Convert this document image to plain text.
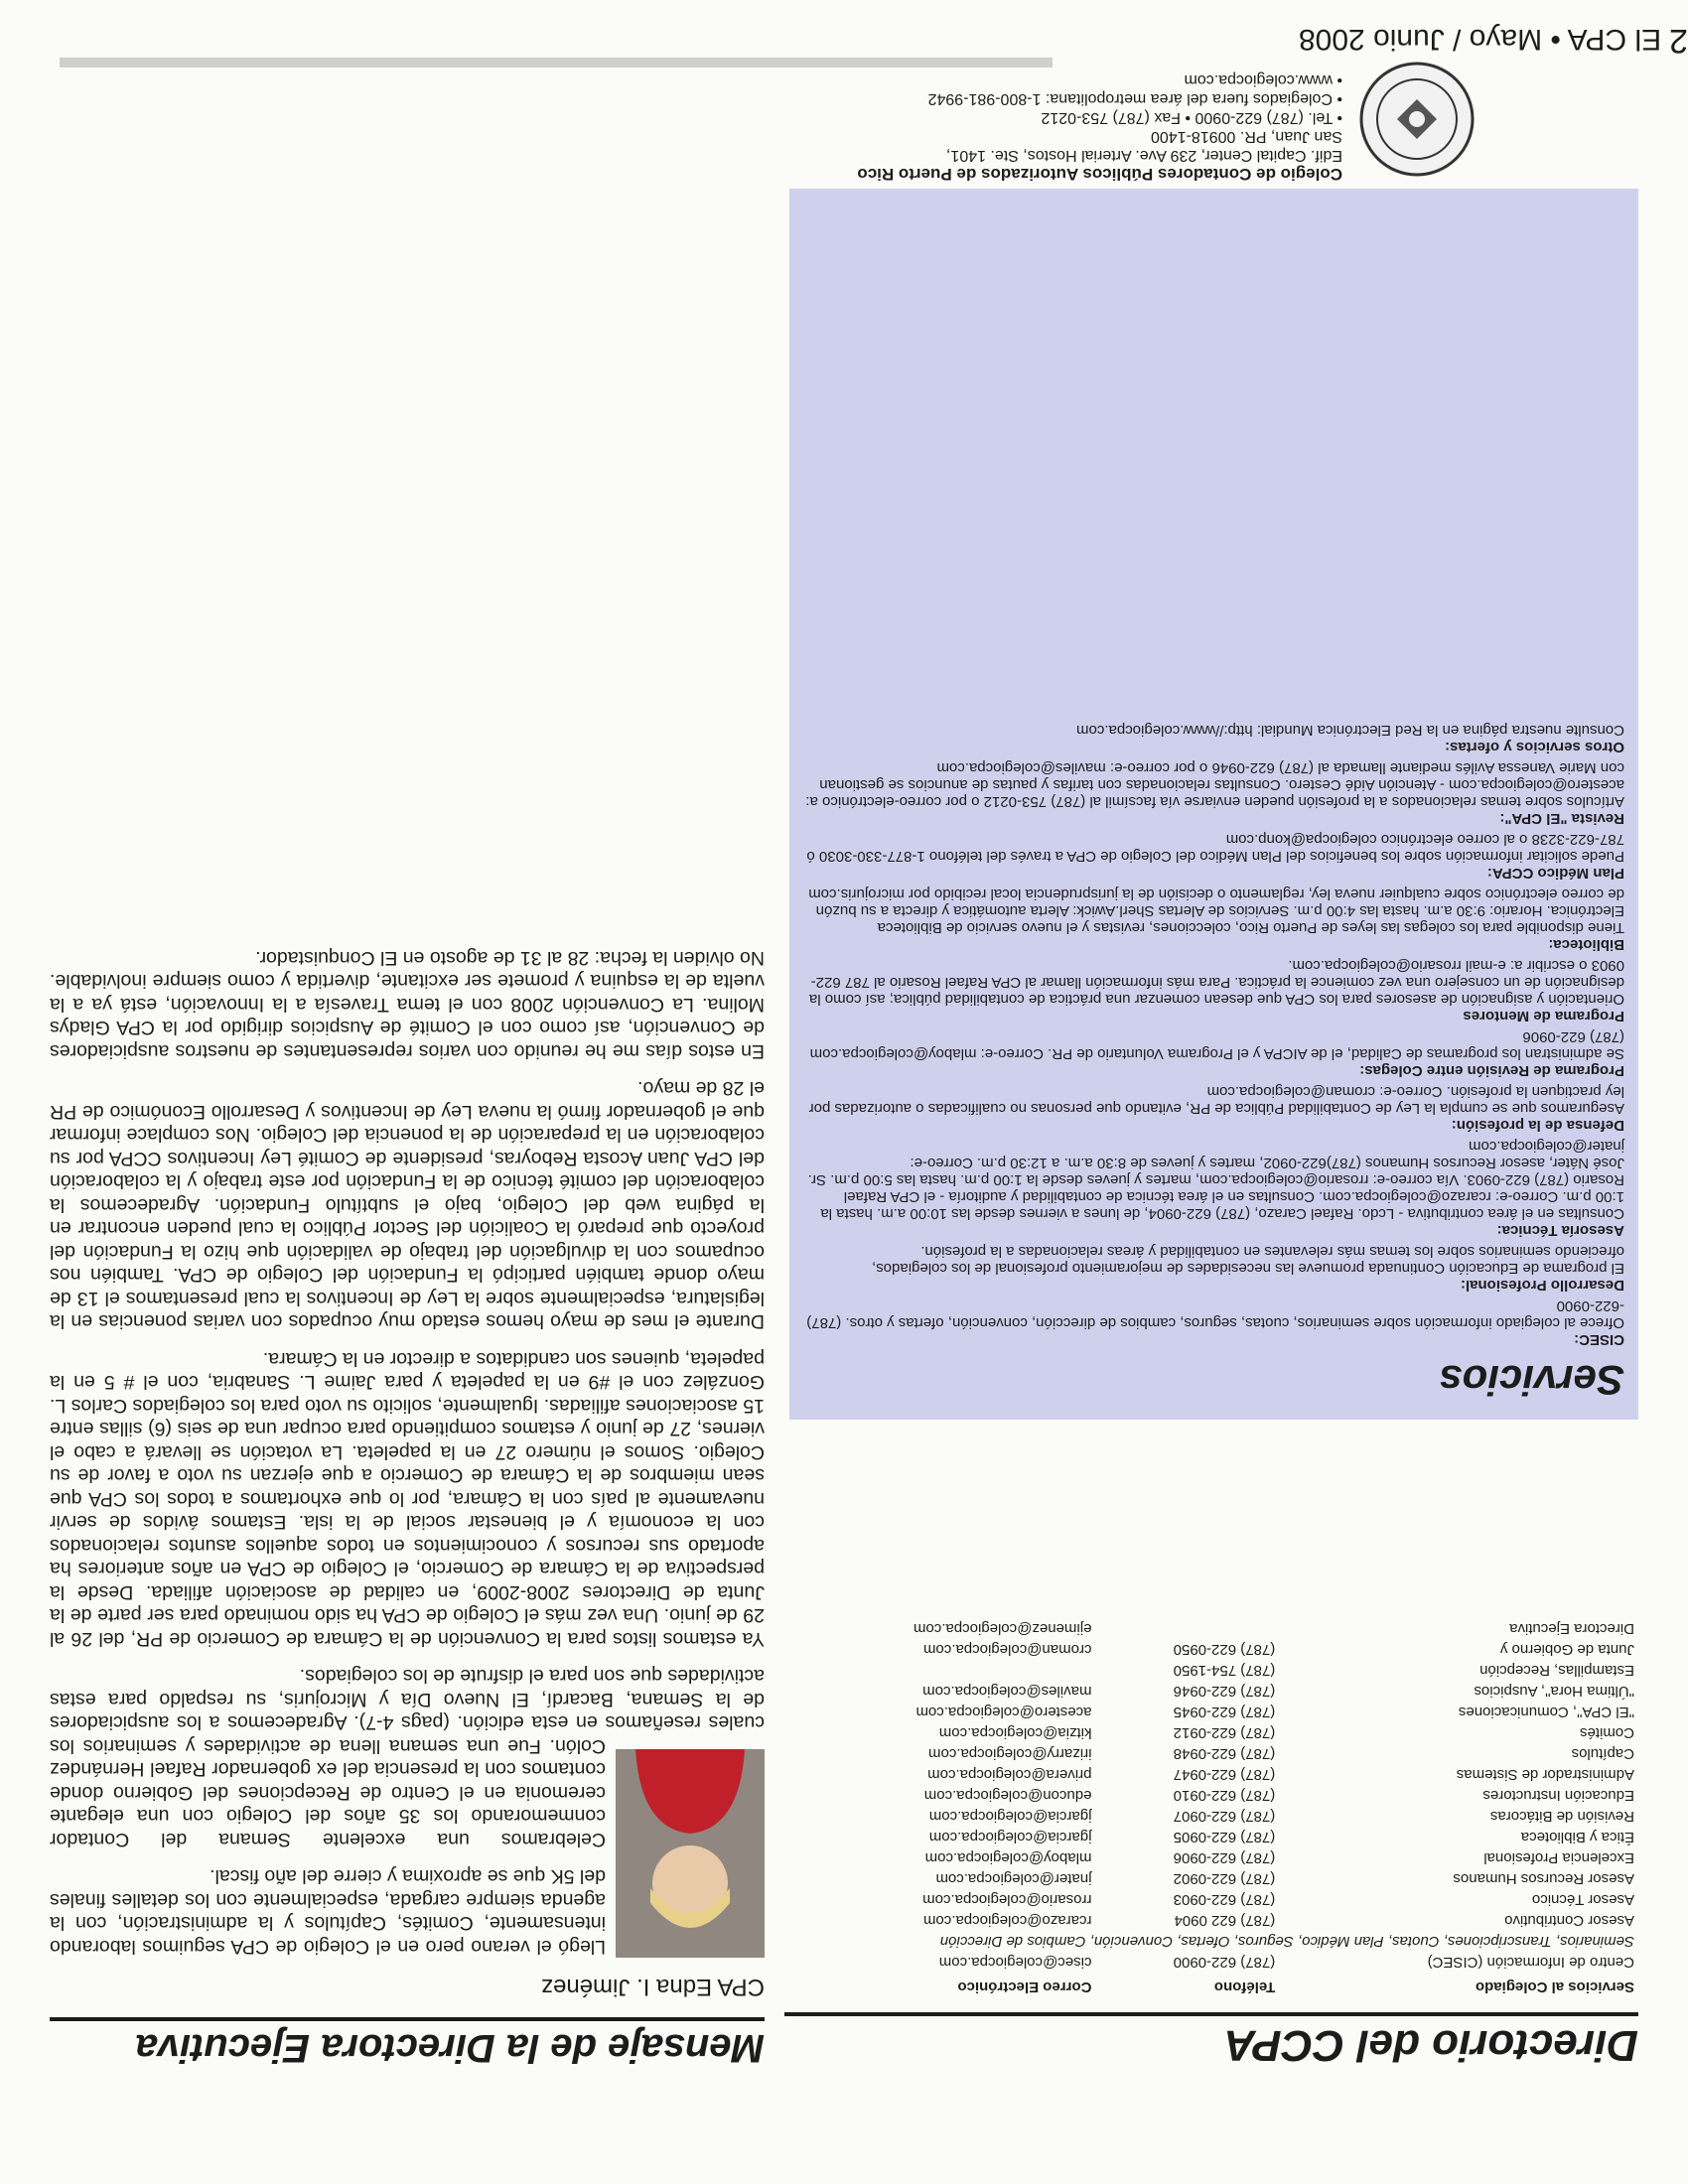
2
El CPA • Mayo / Junio 2008
Colegio de Contadores Públicos Autorizados de Puerto Rico
Edif. Capital Center, 239 Ave. Arterial Hostos, Ste. 1401,
San Juan, PR. 00918-1400
• Tel. (787) 622-0900 • Fax (787) 753-0212
• Colegiados fuera del área metropolitana: 1-800-981-9942
• www.colegiocpa.com
Servicios
CISEC:
Ofrece al colegiado información sobre seminarios, cuotas, seguros, cambios de dirección, convención, ofertas y otros. (787) -622-0900
Desarrollo Profesional:
El programa de Educación Continuada promueve las necesidades de mejoramiento profesional de los colegiados, ofreciendo seminarios sobre los temas más relevantes en contabilidad y áreas relacionadas a la profesión.
Asesoría Técnica:
Consultas en el área contributiva - Lcdo. Rafael Carazo, (787) 622-0904, de lunes a viernes desde las 10:00 a.m. hasta la 1:00 p.m. Correo-e: rcarazo@colegiocpa.com. Consultas en el área técnica de contabilidad y auditoría - el CPA Rafael Rosario (787) 622-0903. Vía correo-e: rrosario@colegiocpa.com, martes y jueves desde la 1:00 p.m. hasta las 5:00 p.m. Sr. José Náter, asesor Recursos Humanos (787)622-0902, martes y jueves de 8:30 a.m. a 12:30 p.m. Correo-e: jnater@colegiocpa.com
Defensa de la profesión:
Aseguramos que se cumpla la Ley de Contabilidad Pública de PR, evitando que personas no cualificadas o autorizadas por ley practiquen la profesión. Correo-e: croman@colegiocpa.com
Programa de Revisión entre Colegas:
Se administran los programas de Calidad, el de AICPA y el Programa Voluntario de PR. Correo-e: mlaboy@colegiocpa.com (787) 622-0906
Programa de Mentores
Orientación y asignación de asesores para los CPA que desean comenzar una práctica de contabilidad pública; así como la designación de un consejero una vez comience la práctica. Para más información llamar al CPA Rafael Rosario al 787 622-0903 o escribir a: e-mail rrosario@colegiocpa.com.
Biblioteca:
Tiene disponible para los colegas las leyes de Puerto Rico, colecciones, revistas y el nuevo servicio de Biblioteca Electrónica. Horario: 9:30 a.m. hasta las 4:00 p.m. Servicios de Alertas Sherl.Awick: Alerta automática y directa a su buzón de correo electrónico sobre cualquier nueva ley, reglamento o decisión de la jurisprudencia local recibido por microjuris.com
Plan Médico CCPA:
Puede solicitar información sobre los beneficios del Plan Médico del Colegio de CPA a través del teléfono 1-877-330-3030 ó 787-622-3238 o al correo electrónico colegiocpa@konp.com
Revista "El CPA":
Artículos sobre temas relacionados a la profesión pueden enviarse vía facsímil al (787) 753-0212 o por correo-electrónico a: acestero@colegiocpa.com - Atención Aidé Cestero. Consultas relacionadas con tarifas y pautas de anuncios se gestionan con Marie Vanessa Avilés mediante llamada al (787) 622-0946 o por correo-e: maviles@colegiocpa.com
Otros servicios y ofertas:
Consulte nuestra página en la Red Electrónica Mundial: http://www.colegiocpa.com
Directorio del CCPA
Servicios al Colegiado	Teléfono	Correo Electrónico
Centro de Información (CISEC)	(787) 622-0900	cisec@colegiocpa.com
Seminarios, Transcripciones, Cuotas, Plan Médico, Seguros, Ofertas, Convención, Cambios de Dirección		
Asesor Contributivo	(787) 622 0904	rcarazo@colegiocpa.com
Asesor Técnico	(787) 622-0903	rrosario@colegiocpa.com
Asesor Recursos Humanos	(787) 622-0902	jnater@colegiocpa.com
Excelencia Profesional	(787) 622-0906	mlaboy@colegiocpa.com
Ética y Biblioteca	(787) 622-0905	jgarcia@colegiocpa.com
Revisión de Bitácoras	(787) 622-0907	jgarcia@colegiocpa.com
Educación Instructores	(787) 622-0910	educon@colegiocpa.com
Administrador de Sistemas	(787) 622-0947	privera@colegiocpa.com
Capítulos	(787) 622-0948	irizarry@colegiocpa.com
Comités	(787) 622-0912	kitzia@colegiocpa.com
"El CPA", Comunicaciones	(787) 622-0945	acestero@colegiocpa.com
"Última Hora", Auspicios	(787) 622-0946	maviles@colegiocpa.com
Estampillas, Recepción	(787) 754-1950	
Junta de Gobierno y	(787) 622-0950	croman@colegiocpa.com
Directora Ejecutiva		ejimenez@colegiocpa.com
Mensaje de la Directora Ejecutiva
CPA Edna I. Jiménez

Llegó el verano pero en el Colegio de CPA seguimos laborando intensamente, Comités, Capítulos y la administración, con la agenda siempre cargada, especialmente con los detalles finales del 5K que se aproxima y cierre del año fiscal.

Celebramos una excelente Semana del Contador conmemorando los 35 años del Colegio con una elegante ceremonia en el Centro de Recepciones del Gobierno donde contamos con la presencia del ex gobernador Rafael Hernández Colón. Fue una semana llena de actividades y seminarios los cuales reseñamos en esta edición. (pags 4-7). Agradecemos a los auspiciadores de la Semana, Bacardí, El Nuevo Día y Microjuris, su respaldo para estas actividades que son para el disfrute de los colegiados.

Ya estamos listos para la Convención de la Cámara de Comercio de PR, del 26 al 29 de junio. Una vez más el Colegio de CPA ha sido nominado para ser parte de la Junta de Directores 2008-2009, en calidad de asociación afiliada. Desde la perspectiva de la Cámara de Comercio, el Colegio de CPA en años anteriores ha aportado sus recursos y conocimientos en todos aquellos asuntos relacionados con la economía y el bienestar social de la isla. Estamos ávidos de servir nuevamente al país con la Cámara, por lo que exhortamos a todos los CPA que sean miembros de la Cámara de Comercio a que ejerzan su voto a favor de su Colegio. Somos el número 27 en la papeleta. La votación se llevará a cabo el viernes, 27 de junio y estamos compitiendo para ocupar una de seis (6) sillas entre 15 asociaciones afiliadas. Igualmente, solicito su voto para los colegiados Carlos L. González con el #9 en la papeleta y para Jaime L. Sanabria, con el # 5 en la papeleta, quienes son candidatos a director en la Cámara.

Durante el mes de mayo hemos estado muy ocupados con varias ponencias en la legislatura, especialmente sobre la Ley de Incentivos la cual presentamos el 13 de mayo donde también participó la Fundación del Colegio de CPA. También nos ocupamos con la divulgación del trabajo de validación que hizo la Fundación del proyecto que preparó la Coalición del Sector Público la cual pueden encontrar en la página web del Colegio, bajo el subtítulo Fundación. Agradecemos la colaboración del comité técnico de la Fundación por este trabajo y la colaboración del CPA Juan Acosta Reboyras, presidente de Comité Ley Incentivos CCPA por su colaboración en la preparación de la ponencia del Colegio. Nos complace informar que el gobernador firmó la nueva Ley de Incentivos y Desarrollo Económico de PR el 28 de mayo.

En estos días me he reunido con varios representantes de nuestros auspiciadores de Convención, así como con el Comité de Auspicios dirigido por la CPA Gladys Molina. La Convención 2008 con el tema Travesía a la Innovación, está ya a la vuelta de la esquina y promete ser excitante, divertida y como siempre inolvidable. No olviden la fecha: 28 al 31 de agosto en El Conquistador.
